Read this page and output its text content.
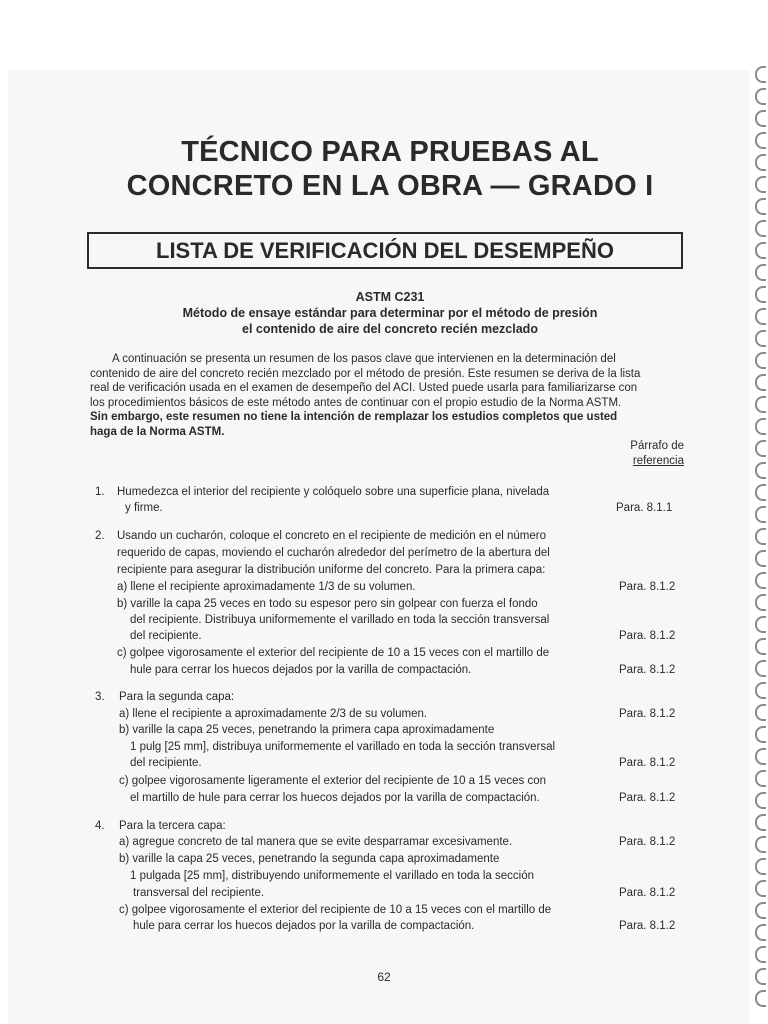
TÉCNICO PARA PRUEBAS AL
CONCRETO EN LA OBRA — GRADO I
LISTA DE VERIFICACIÓN DEL DESEMPEÑO
ASTM C231
Método de ensaye estándar para determinar por el método de presión
el contenido de aire del concreto recién mezclado
A continuación se presenta un resumen de los pasos clave que intervienen en la determinación del
contenido de aire del concreto recién mezclado por el método de presión. Este resumen se deriva de la lista
real de verificación usada en el examen de desempeño del ACI. Usted puede usarla para familiarizarse con
los procedimientos básicos de este método antes de continuar con el propio estudio de la Norma ASTM.
Sin embargo, este resumen no tiene la intención de remplazar los estudios completos que usted
haga de la Norma ASTM.
Párrafo de
referencia
1. Humedezca el interior del recipiente y colóquelo sobre una superficie plana, nivelada
y firme.	Para. 8.1.1
2. Usando un cucharón, coloque el concreto en el recipiente de medición en el número
requerido de capas, moviendo el cucharón alrededor del perímetro de la abertura del
recipiente para asegurar la distribución uniforme del concreto. Para la primera capa:
a) llene el recipiente aproximadamente 1/3 de su volumen.	Para. 8.1.2
b) varille la capa 25 veces en todo su espesor pero sin golpear con fuerza el fondo
del recipiente. Distribuya uniformemente el varillado en toda la sección transversal
del recipiente.	Para. 8.1.2
c) golpee vigorosamente el exterior del recipiente de 10 a 15 veces con el martillo de
hule para cerrar los huecos dejados por la varilla de compactación.	Para. 8.1.2
3. Para la segunda capa:
a) llene el recipiente a aproximadamente 2/3 de su volumen.	Para. 8.1.2
b) varille la capa 25 veces, penetrando la primera capa aproximadamente
1 pulg [25 mm], distribuya uniformemente el varillado en toda la sección transversal
del recipiente.	Para. 8.1.2
c) golpee vigorosamente ligeramente el exterior del recipiente de 10 a 15 veces con
el martillo de hule para cerrar los huecos dejados por la varilla de compactación.	Para. 8.1.2
4. Para la tercera capa:
a) agregue concreto de tal manera que se evite desparramar excesivamente.	Para. 8.1.2
b) varille la capa 25 veces, penetrando la segunda capa aproximadamente
1 pulgada [25 mm], distribuyendo uniformemente el varillado en toda la sección
transversal del recipiente.	Para. 8.1.2
c) golpee vigorosamente el exterior del recipiente de 10 a 15 veces con el martillo de
hule para cerrar los huecos dejados por la varilla de compactación.	Para. 8.1.2
62
